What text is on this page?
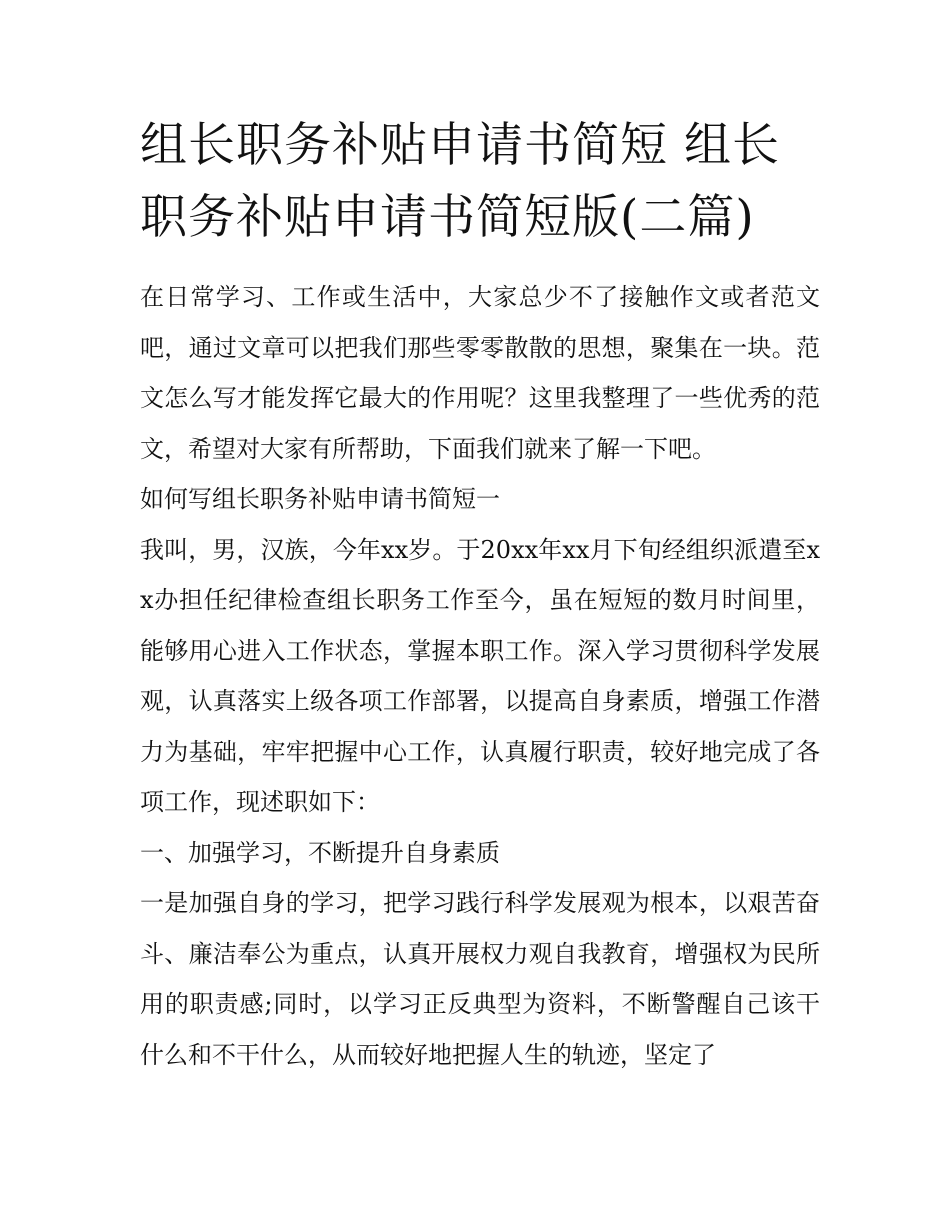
组长职务补贴申请书简短 组长职务补贴申请书简短版(二篇)

在日常学习、工作或生活中，大家总少不了接触作文或者范文吧，通过文章可以把我们那些零零散散的思想，聚集在一块。范文怎么写才能发挥它最大的作用呢？这里我整理了一些优秀的范文，希望对大家有所帮助，下面我们就来了解一下吧。

如何写组长职务补贴申请书简短一

我叫，男，汉族，今年xx岁。于20xx年xx月下旬经组织派遣至xx办担任纪律检查组长职务工作至今，虽在短短的数月时间里，能够用心进入工作状态，掌握本职工作。深入学习贯彻科学发展观，认真落实上级各项工作部署，以提高自身素质，增强工作潜力为基础，牢牢把握中心工作，认真履行职责，较好地完成了各项工作，现述职如下：

一、加强学习，不断提升自身素质

一是加强自身的学习，把学习践行科学发展观为根本，以艰苦奋斗、廉洁奉公为重点，认真开展权力观自我教育，增强权为民所用的职责感;同时，以学习正反典型为资料，不断警醒自己该干什么和不干什么，从而较好地把握人生的轨迹，坚定了
